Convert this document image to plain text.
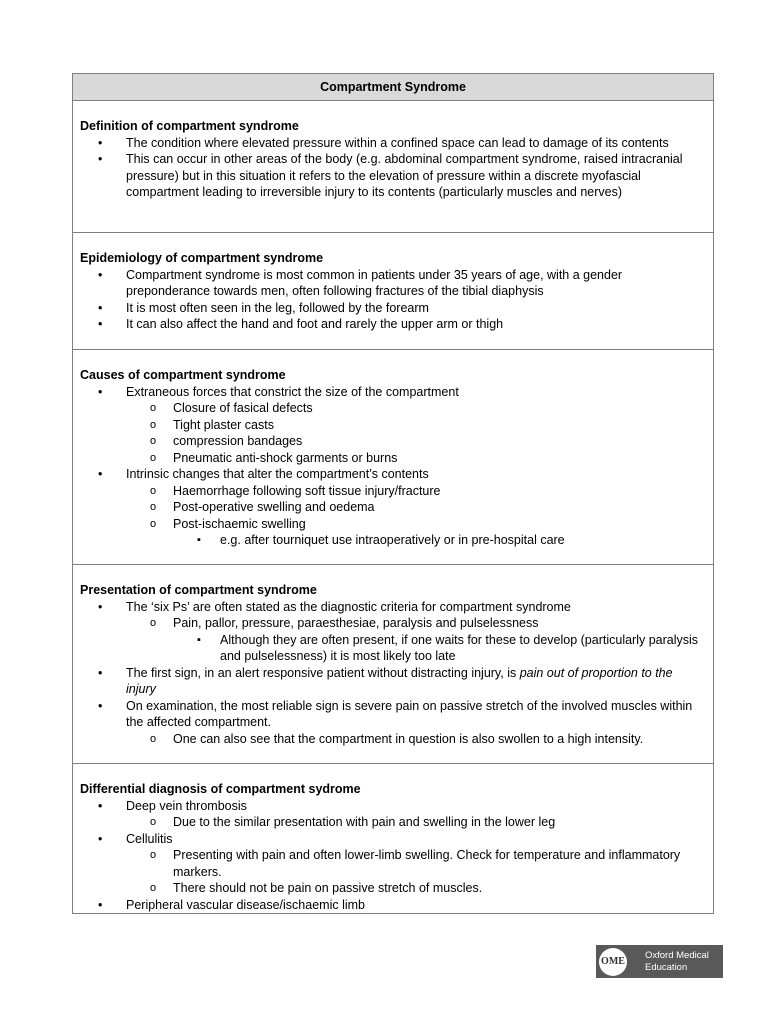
Compartment Syndrome
Definition of compartment syndrome
• The condition where elevated pressure within a confined space can lead to damage of its contents
• This can occur in other areas of the body (e.g. abdominal compartment syndrome, raised intracranial pressure) but in this situation it refers to the elevation of pressure within a discrete myofascial compartment leading to irreversible injury to its contents (particularly muscles and nerves)
Epidemiology of compartment syndrome
• Compartment syndrome is most common in patients under 35 years of age, with a gender preponderance towards men, often following fractures of the tibial diaphysis
• It is most often seen in the leg, followed by the forearm
• It can also affect the hand and foot and rarely the upper arm or thigh
Causes of compartment syndrome
• Extraneous forces that constrict the size of the compartment
o Closure of fasical defects
o Tight plaster casts
o compression bandages
o Pneumatic anti-shock garments or burns
• Intrinsic changes that alter the compartment’s contents
o Haemorrhage following soft tissue injury/fracture
o Post-operative swelling and oedema
o Post-ischaemic swelling
▪ e.g. after tourniquet use intraoperatively or in pre-hospital care
Presentation of compartment syndrome
• The ‘six Ps’ are often stated as the diagnostic criteria for compartment syndrome
o Pain, pallor, pressure, paraesthesiae, paralysis and pulselessness
▪ Although they are often present, if one waits for these to develop (particularly paralysis and pulselessness) it is most likely too late
• The first sign, in an alert responsive patient without distracting injury, is pain out of proportion to the injury
• On examination, the most reliable sign is severe pain on passive stretch of the involved muscles within the affected compartment.
o One can also see that the compartment in question is also swollen to a high intensity.
Differential diagnosis of compartment sydrome
• Deep vein thrombosis
o Due to the similar presentation with pain and swelling in the lower leg
• Cellulitis
o Presenting with pain and often lower-limb swelling. Check for temperature and inflammatory markers.
o There should not be pain on passive stretch of muscles.
• Peripheral vascular disease/ischaemic limb
OME
Oxford Medical
Education
